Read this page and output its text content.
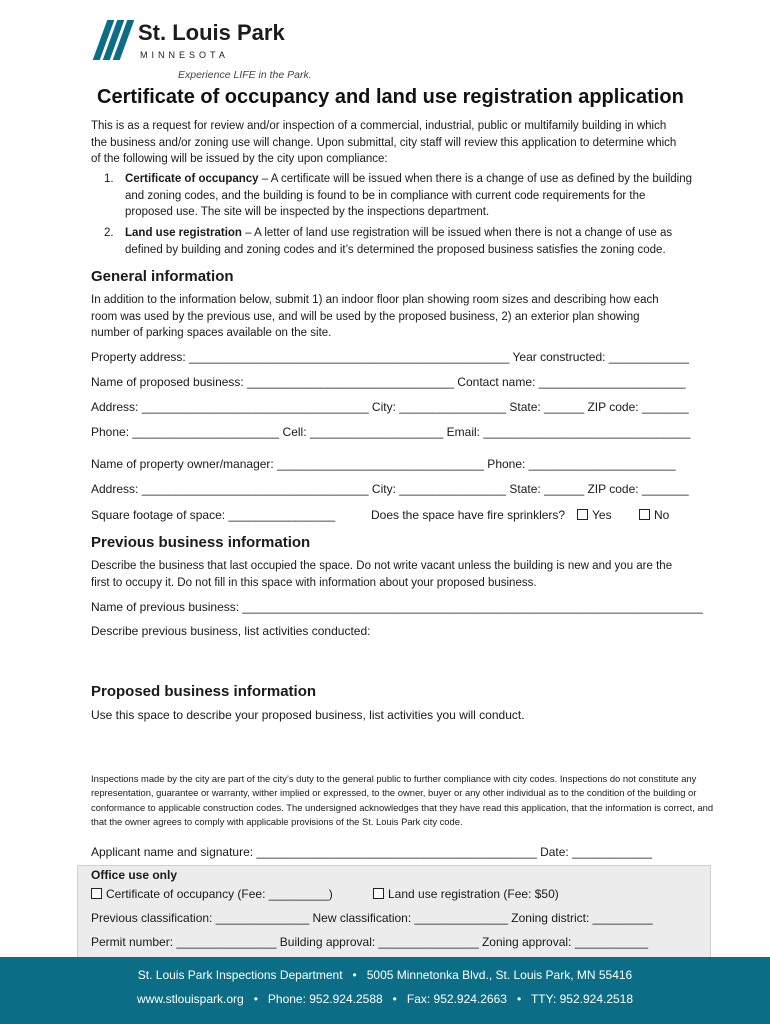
St. Louis Park
MINNESOTA
Experience LIFE in the Park.
Certificate of occupancy and land use registration application
This is as a request for review and/or inspection of a commercial, industrial, public or multifamily building in which the business and/or zoning use will change. Upon submittal, city staff will review this application to determine which of the following will be issued by the city upon compliance:
1. Certificate of occupancy – A certificate will be issued when there is a change of use as defined by the building and zoning codes, and the building is found to be in compliance with current code requirements for the proposed use. The site will be inspected by the inspections department.
2. Land use registration – A letter of land use registration will be issued when there is not a change of use as defined by building and zoning codes and it’s determined the proposed business satisfies the zoning code.
General information
In addition to the information below, submit 1) an indoor floor plan showing room sizes and describing how each room was used by the previous use, and will be used by the proposed business, 2) an exterior plan showing number of parking spaces available on the site.
Property address: ________________________________________________ Year constructed: ____________
Name of proposed business: _______________________________ Contact name: ______________________
Address: __________________________________ City: ________________ State: ______ ZIP code: _______
Phone: ______________________ Cell: ____________________ Email: _______________________________
Name of property owner/manager: _______________________________ Phone: ______________________
Address: __________________________________ City: ________________ State: ______ ZIP code: _______
Square footage of space: ________________	Does the space have fire sprinklers?	Yes	No
Previous business information
Describe the business that last occupied the space. Do not write vacant unless the building is new and you are the first to occupy it. Do not fill in this space with information about your proposed business.
Name of previous business: _____________________________________________________________________
Describe previous business, list activities conducted:
Proposed business information
Use this space to describe your proposed business, list activities you will conduct.
Inspections made by the city are part of the city’s duty to the general public to further compliance with city codes. Inspections do not constitute any representation, guarantee or warranty, wither implied or expressed, to the owner, buyer or any other individual as to the condition of the building or conformance to applicable construction codes. The undersigned acknowledges that they have read this application, that the information is correct, and that the owner agrees to comply with applicable provisions of the St. Louis Park city code.
Applicant name and signature: __________________________________________ Date: ____________
Office use only
Certificate of occupancy (Fee: _________)	Land use registration (Fee: $50)
Previous classification: ______________ New classification: ______________ Zoning district: _________
Permit number: _______________ Building approval: _______________ Zoning approval: ___________
St. Louis Park Inspections Department   •   5005 Minnetonka Blvd., St. Louis Park, MN 55416
www.stlouispark.org   •   Phone: 952.924.2588   •   Fax: 952.924.2663   •   TTY: 952.924.2518
